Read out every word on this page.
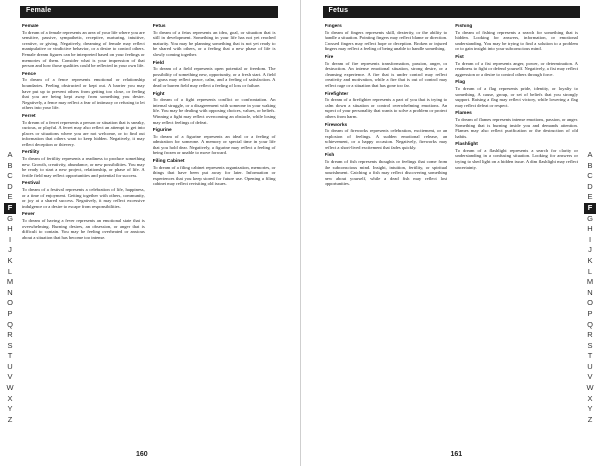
Female
Female
To dream of a female represents an area of your life where you are sensitive, passive, sympathetic, receptive, nurturing, intuitive, creative, or giving. Negatively, dreaming of female may reflect manipulative or vindictive behavior, or a desire to control others. Female dream figures can be interpreted based on your feelings or memories of them. Consider what is your impression of that person and how those qualities could be reflected in your own life.
Fence
To dream of a fence represents emotional or relationship boundaries. Feeling obstructed or kept out. A barrier you may have put up to prevent others from getting too close, or feeling that you are being kept away from something you desire. Negatively, a fence may reflect a fear of intimacy or refusing to let others into your life.
Ferret
To dream of a ferret represents a person or situation that is sneaky, curious, or playful. A ferret may also reflect an attempt to get into places or situations where you are not welcome, or to find out information that others want to keep hidden. Negatively, it may reflect deception or thievery.
Fertility
To dream of fertility represents a readiness to produce something new. Growth, creativity, abundance, or new possibilities. You may be ready to start a new project, relationship, or phase of life. A fertile field may reflect opportunities and potential for success.
Festival
To dream of a festival represents a celebration of life, happiness, or a time of enjoyment. Getting together with others, community, or joy at a shared success. Negatively, it may reflect excessive indulgence or a desire to escape from responsibilities.
Fever
To dream of having a fever represents an emotional state that is overwhelming. Burning desires, an obsession, or anger that is difficult to contain. You may be feeling overheated or anxious about a situation that has become too intense.
Fetus
To dream of a fetus represents an idea, goal, or situation that is still in development. Something in your life has not yet reached maturity. You may be planning something that is not yet ready to be shared with others, or a feeling that a new phase of life is slowly coming together.
Field
To dream of a field represents open potential or freedom. The possibility of something new, opportunity, or a fresh start. A field of grass may reflect peace, calm, and a feeling of satisfaction. A dead or barren field may reflect a feeling of loss or failure.
Fight
To dream of a fight represents conflict or confrontation. An internal struggle, or a disagreement with someone in your waking life. You may be dealing with opposing choices, values, or beliefs. Winning a fight may reflect overcoming an obstacle, while losing may reflect feelings of defeat.
Figurine
To dream of a figurine represents an ideal or a feeling of admiration for someone. A memory or special time in your life that you hold dear. Negatively, a figurine may reflect a feeling of being frozen or unable to move forward.
Filing Cabinet
To dream of a filing cabinet represents organization, memories, or things that have been put away for later. Information or experiences that you keep stored for future use. Opening a filing cabinet may reflect revisiting old issues.
A
B
C
D
E
F
G
H
I
J
K
L
M
N
O
P
Q
R
S
T
U
V
W
X
Y
Z
160
Fetus
Fingers
To dream of fingers represents skill, dexterity, or the ability to handle a situation. Pointing fingers may reflect blame or direction. Crossed fingers may reflect hope or deception. Broken or injured fingers may reflect a feeling of being unable to handle something.
Fire
To dream of fire represents transformation, passion, anger, or destruction. An intense emotional situation, strong desire, or a cleansing experience. A fire that is under control may reflect creativity and motivation, while a fire that is out of control may reflect rage or a situation that has gone too far.
Firefighter
To dream of a firefighter represents a part of you that is trying to calm down a situation or control overwhelming emotions. An aspect of your personality that wants to solve a problem or protect others from harm.
Fireworks
To dream of fireworks represents celebration, excitement, or an explosion of feelings. A sudden emotional release, an achievement, or a happy occasion. Negatively, fireworks may reflect a short-lived excitement that fades quickly.
Fish
To dream of fish represents thoughts or feelings that come from the subconscious mind. Insight, intuition, fertility, or spiritual nourishment. Catching a fish may reflect discovering something new about yourself, while a dead fish may reflect lost opportunities.
Fishing
To dream of fishing represents a search for something that is hidden. Looking for answers, information, or emotional understanding. You may be trying to find a solution to a problem or to gain insight into your subconscious mind.
Fist
To dream of a fist represents anger, power, or determination. A readiness to fight or defend yourself. Negatively, a fist may reflect aggression or a desire to control others through force.
Flag
To dream of a flag represents pride, identity, or loyalty to something. A cause, group, or set of beliefs that you strongly support. Raising a flag may reflect victory, while lowering a flag may reflect defeat or respect.
Flames
To dream of flames represents intense emotions, passion, or anger. Something that is burning inside you and demands attention. Flames may also reflect purification or the destruction of old habits.
Flashlight
To dream of a flashlight represents a search for clarity or understanding in a confusing situation. Looking for answers or trying to shed light on a hidden issue. A dim flashlight may reflect uncertainty.
A
B
C
D
E
F
G
H
I
J
K
L
M
N
O
P
Q
R
S
T
U
V
W
X
Y
Z
161
